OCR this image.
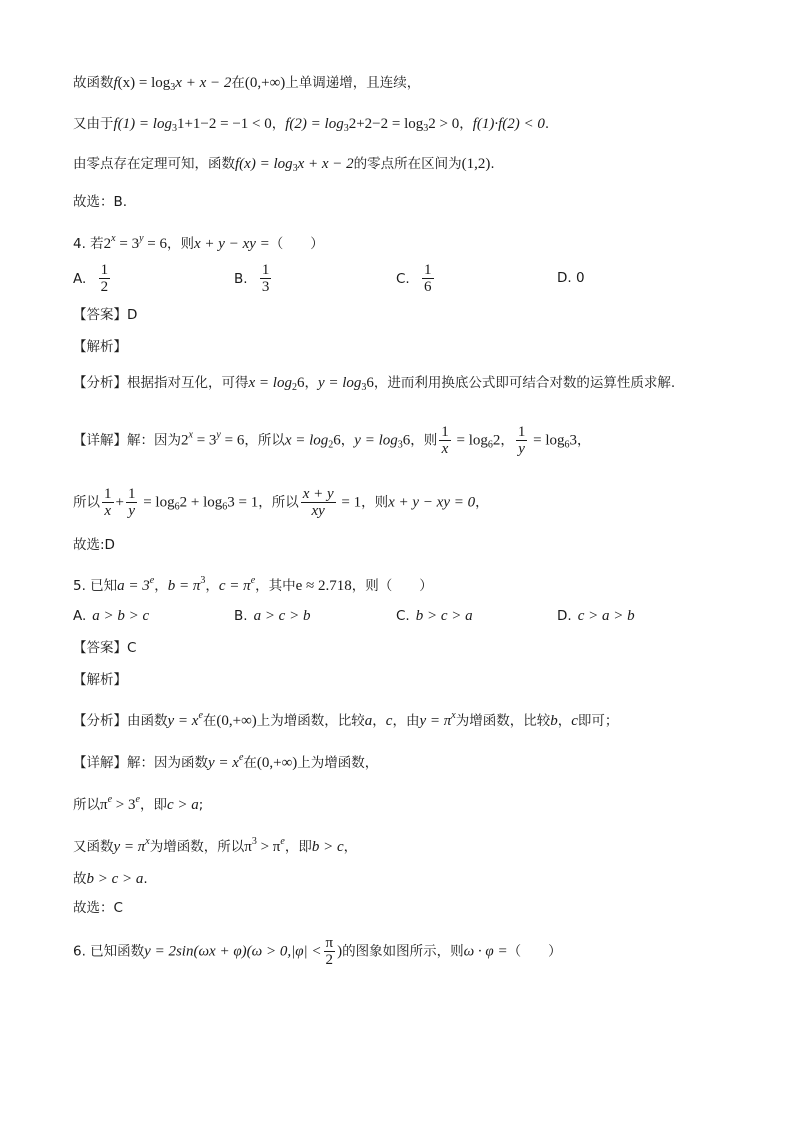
故函数$f(x) = \log_3x + x - 2$在(0,+∞)上单调递增，且连续，
又由于$f(1) = \log_31+1-2 = -1 < 0$，$f(2) = \log_32+2-2 = \log_32 > 0$，f(1)·f(2) < 0.
由零点存在定理可知，函数$f(x) = \log_3x + x - 2$的零点所在区间为(1,2).
故选：B.
4. 若$2^x = 3^y = 6$，则x + y − xy =（　　）
A. $\frac{1}{2}$	B. $\frac{1}{3}$	C. $\frac{1}{6}$	D. 0
【答案】D
【解析】
【分析】根据指对互化，可得$x = \log_26$，$y = \log_36$，进而利用换底公式即可结合对数的运算性质求解.
【详解】解：因为$2^x = 3^y = 6$，所以$x = \log_26$，$y = \log_36$，则 $\frac{1}{x} = \log_62$， $\frac{1}{y} = \log_63$，
所以 $\frac{1}{x} + \frac{1}{y} = \log_62 + \log_63 = 1$，所以 $\frac{x + y}{xy} = 1$，则x + y − xy = 0，
故选:D
5. 已知$a = 3^e$，$b = \pi^3$，$c = \pi^e$，其中e ≈ 2.718，则（　　）
A. a > b > c	B. a > c > b	C. b > c > a	D. c > a > b
【答案】C
【解析】
【分析】由函数$y = x^e$在(0,+∞)上为增函数，比较a，c，由$y = \pi^x$为增函数，比较b，c即可；
【详解】解：因为函数$y = x^e$在(0,+∞)上为增函数，
所以$\pi^e > 3^e$，即c > a;
又函数$y = \pi^x$为增函数，所以$\pi^3 > \pi^e$，即b > c，
故b > c > a.
故选：C
6. 已知函数$y = 2\sin(\omega x + \varphi)(\omega > 0,|\varphi| < \frac{\pi}{2}$ )的图象如图所示，则ω · φ =（　　）
